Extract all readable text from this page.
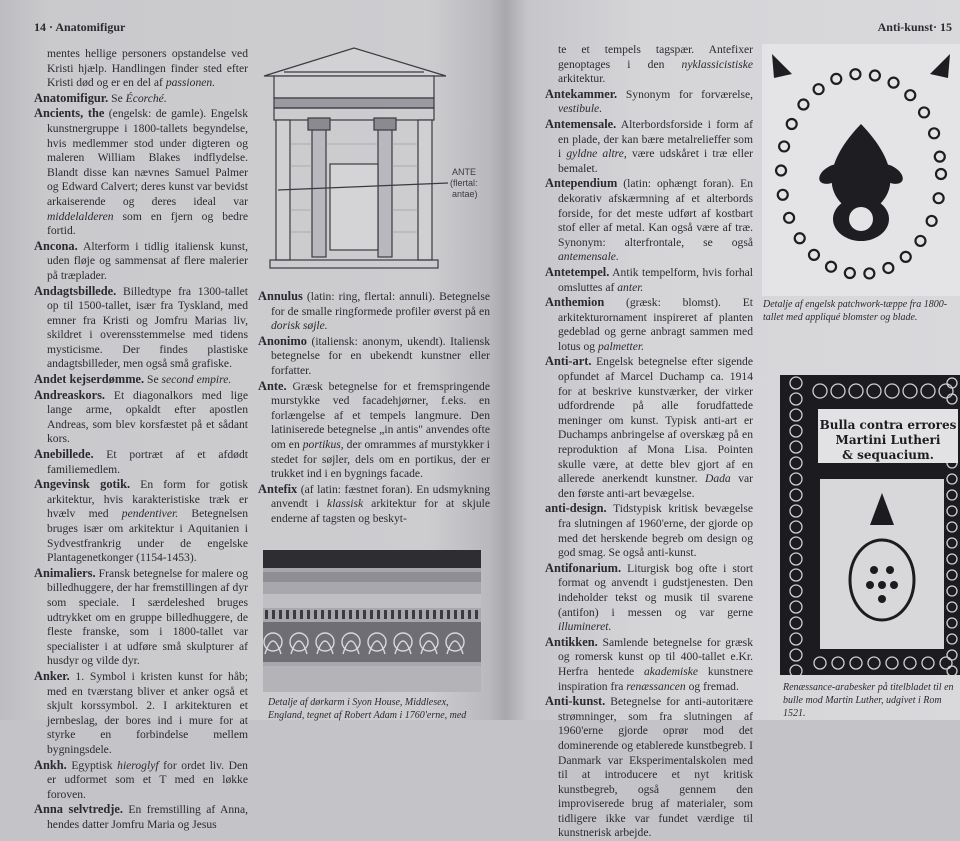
14 · Anatomifigur

mentes hellige personers opstandelse ved Kristi hjælp. Handlingen finder sted efter Kristi død og er en del af passionen.

Anatomifigur. Se Écorché.

Ancients, the (engelsk: de gamle). Engelsk kunstnergruppe i 1800-tallets begyndelse, hvis medlemmer stod under digteren og maleren William Blakes indflydelse. Blandt disse kan nævnes Samuel Palmer og Edward Calvert; deres kunst var bevidst arkaiserende og deres ideal var middelalderen som en fjern og bedre fortid.

Ancona. Alterform i tidlig italiensk kunst, uden fløje og sammensat af flere malerier på træplader.

Andagtsbillede. Billedtype fra 1300-tallet op til 1500-tallet, især fra Tyskland, med emner fra Kristi og Jomfru Marias liv, skildret i overensstemmelse med tidens mysticisme. Der findes plastiske andagtsbilleder, men også små grafiske.

Andet kejserdømme. Se second empire.

Andreaskors. Et diagonalkors med lige lange arme, opkaldt efter apostlen Andreas, som blev korsfæstet på et sådant kors.

Anebillede. Et portræt af et afdødt familiemedlem.

Angevinsk gotik. En form for gotisk arkitektur, hvis karakteristiske træk er hvælv med pendentiver. Betegnelsen bruges især om arkitektur i Aquitanien i Sydvestfrankrig under de engelske Plantagenetkonger (1154-1453).

Animaliers. Fransk betegnelse for malere og billedhuggere, der har fremstillingen af dyr som speciale. I særdeleshed bruges udtrykket om en gruppe billedhuggere, de fleste franske, som i 1800-tallet var specialister i at udføre små skulpturer af husdyr og vilde dyr.

Anker. 1. Symbol i kristen kunst for håb; med en tværstang bliver et anker også et skjult korssymbol. 2. I arkitekturen et jernbeslag, der bores ind i mure for at styrke en forbindelse mellem bygningsdele.

Ankh. Egyptisk hieroglyf for ordet liv. Den er udformet som et T med en løkke foroven.

Anna selvtredje. En fremstilling af Anna, hendes datter Jomfru Maria og Jesus

ANTE
(flertal:
antae)

Annulus (latin: ring, flertal: annuli). Betegnelse for de smalle ringformede profiler øverst på en dorisk søjle.

Anonimo (italiensk: anonym, ukendt). Italiensk betegnelse for en ubekendt kunstner eller forfatter.

Ante. Græsk betegnelse for et fremspringende murstykke ved facadehjørner, f.eks. en forlængelse af et tempels langmure. Den latiniserede betegnelse „in antis" anvendes ofte om en portikus, der omrammes af murstykker i stedet for søjler, dels om en portikus, der er trukket ind i en bygnings facade.

Antefix (af latin: fæstnet foran). En udsmykning anvendt i klassisk arkitektur for at skjule enderne af tagsten og beskyt-

Detalje af dørkarm i Syon House, Middlesex, England, tegnet af Robert Adam i 1760'erne, med
Anti-kunst· 15

te et tempels tagspær. Antefixer genoptages i den nyklassicistiske arkitektur.

Antekammer. Synonym for forværelse, vestibule.

Antemensale. Alterbordsforside i form af en plade, der kan bære metalrelieffer som i gyldne altre, være udskåret i træ eller bemalet.

Antependium (latin: ophængt foran). En dekorativ afskærmning af et alterbords forside, for det meste udført af kostbart stof eller af metal. Kan også være af træ. Synonym: alterfrontale, se også antemensale.

Antetempel. Antik tempelform, hvis forhal omsluttes af anter.

Anthemion (græsk: blomst). Et arkitekturornament inspireret af planten gedeblad og gerne anbragt sammen med lotus og palmetter.

Anti-art. Engelsk betegnelse efter sigende opfundet af Marcel Duchamp ca. 1914 for at beskrive kunstværker, der virker udfordrende på alle forudfattede meninger om kunst. Typisk anti-art er Duchamps anbringelse af overskæg på en reproduktion af Mona Lisa. Pointen skulle være, at dette blev gjort af en allerede anerkendt kunstner. Dada var den første anti-art bevægelse.

anti-design. Tidstypisk kritisk bevægelse fra slutningen af 1960'erne, der gjorde op med det herskende begreb om design og god smag. Se også anti-kunst.

Antifonarium. Liturgisk bog ofte i stort format og anvendt i gudstjenesten. Den indeholder tekst og musik til svarene (antifon) i messen og var gerne illumineret.

Antikken. Samlende betegnelse for græsk og romersk kunst op til 400-tallet e.Kr. Herfra hentede akademiske kunstnere inspiration fra renæssancen og fremad.

Anti-kunst. Betegnelse for anti-autoritære strømninger, som fra slutningen af 1960'erne gjorde oprør mod det dominerende og etablerede kunstbegreb. I Danmark var Eksperimentalskolen med til at introducere et nyt kritisk kunstbegreb, også gennem den improviserede brug af materialer, som tidligere ikke var fundet værdige til kunstnerisk arbejde.

Detalje af engelsk patchwork-tæppe fra 1800-tallet med appliqué blomster og blade.
Bulla contra errores
Martini Lutheri
& sequacium.
Renæssance-arabesker på titelbladet til en bulle mod Martin Luther, udgivet i Rom 1521.
